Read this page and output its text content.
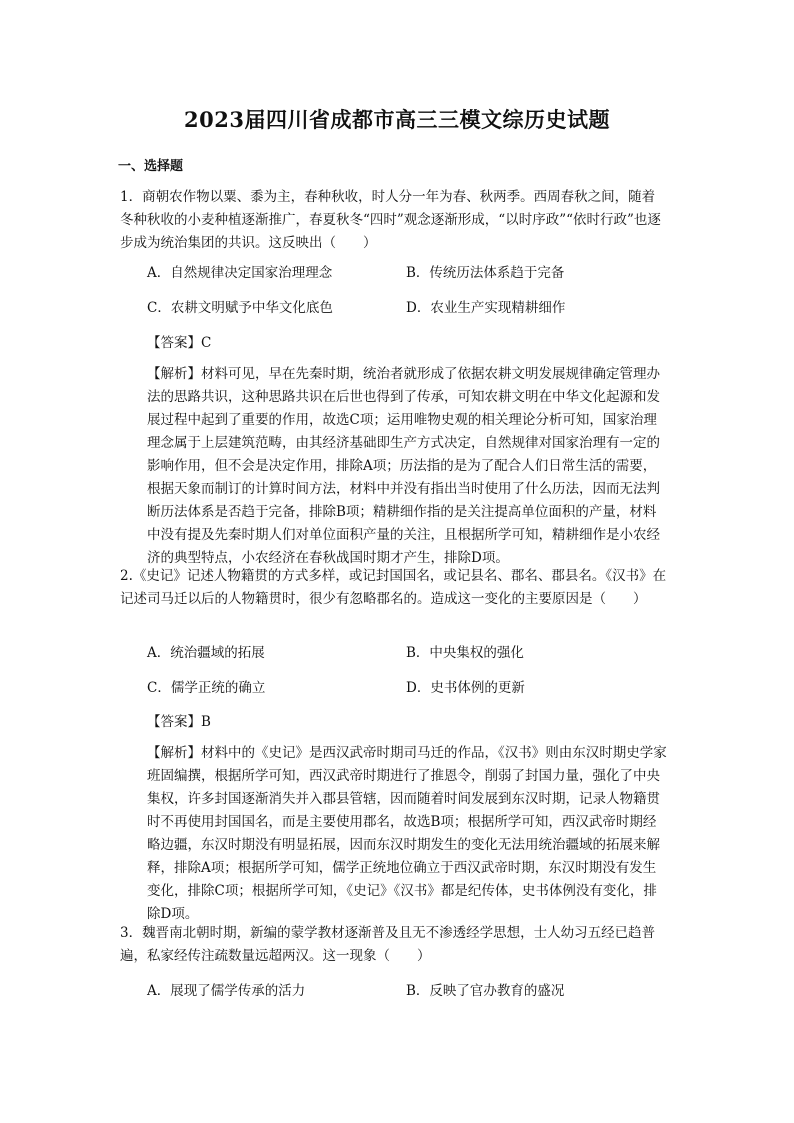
2023届四川省成都市高三三模文综历史试题
一、选择题
1．商朝农作物以粟、黍为主，春种秋收，时人分一年为春、秋两季。西周春秋之间，随着冬种秋收的小麦种植逐渐推广，春夏秋冬“四时”观念逐渐形成，“以时序政”“依时行政”也逐步成为统治集团的共识。这反映出（　　）
A．自然规律决定国家治理理念	B．传统历法体系趋于完备
C．农耕文明赋予中华文化底色	D．农业生产实现精耕细作
【答案】C
【解析】材料可见，早在先秦时期，统治者就形成了依据农耕文明发展规律确定管理办法的思路共识，这种思路共识在后世也得到了传承，可知农耕文明在中华文化起源和发展过程中起到了重要的作用，故选C项；运用唯物史观的相关理论分析可知，国家治理理念属于上层建筑范畴，由其经济基础即生产方式决定，自然规律对国家治理有一定的影响作用，但不会是决定作用，排除A项；历法指的是为了配合人们日常生活的需要，根据天象而制订的计算时间方法，材料中并没有指出当时使用了什么历法，因而无法判断历法体系是否趋于完备，排除B项；精耕细作指的是关注提高单位面积的产量，材料中没有提及先秦时期人们对单位面积产量的关注，且根据所学可知，精耕细作是小农经济的典型特点，小农经济在春秋战国时期才产生，排除D项。
2.《史记》记述人物籍贯的方式多样，或记封国国名，或记县名、郡名、郡县名。《汉书》在记述司马迁以后的人物籍贯时，很少有忽略郡名的。造成这一变化的主要原因是（　　）
A．统治疆域的拓展	B．中央集权的强化
C．儒学正统的确立	D．史书体例的更新
【答案】B
【解析】材料中的《史记》是西汉武帝时期司马迁的作品，《汉书》则由东汉时期史学家班固编撰，根据所学可知，西汉武帝时期进行了推恩令，削弱了封国力量，强化了中央集权，许多封国逐渐消失并入郡县管辖，因而随着时间发展到东汉时期，记录人物籍贯时不再使用封国国名，而是主要使用郡名，故选B项；根据所学可知，西汉武帝时期经略边疆，东汉时期没有明显拓展，因而东汉时期发生的变化无法用统治疆域的拓展来解释，排除A项；根据所学可知，儒学正统地位确立于西汉武帝时期，东汉时期没有发生变化，排除C项；根据所学可知，《史记》《汉书》都是纪传体，史书体例没有变化，排除D项。
3．魏晋南北朝时期，新编的蒙学教材逐渐普及且无不渗透经学思想，士人幼习五经已趋普遍，私家经传注疏数量远超两汉。这一现象（　　）
A．展现了儒学传承的活力	B．反映了官办教育的盛况
